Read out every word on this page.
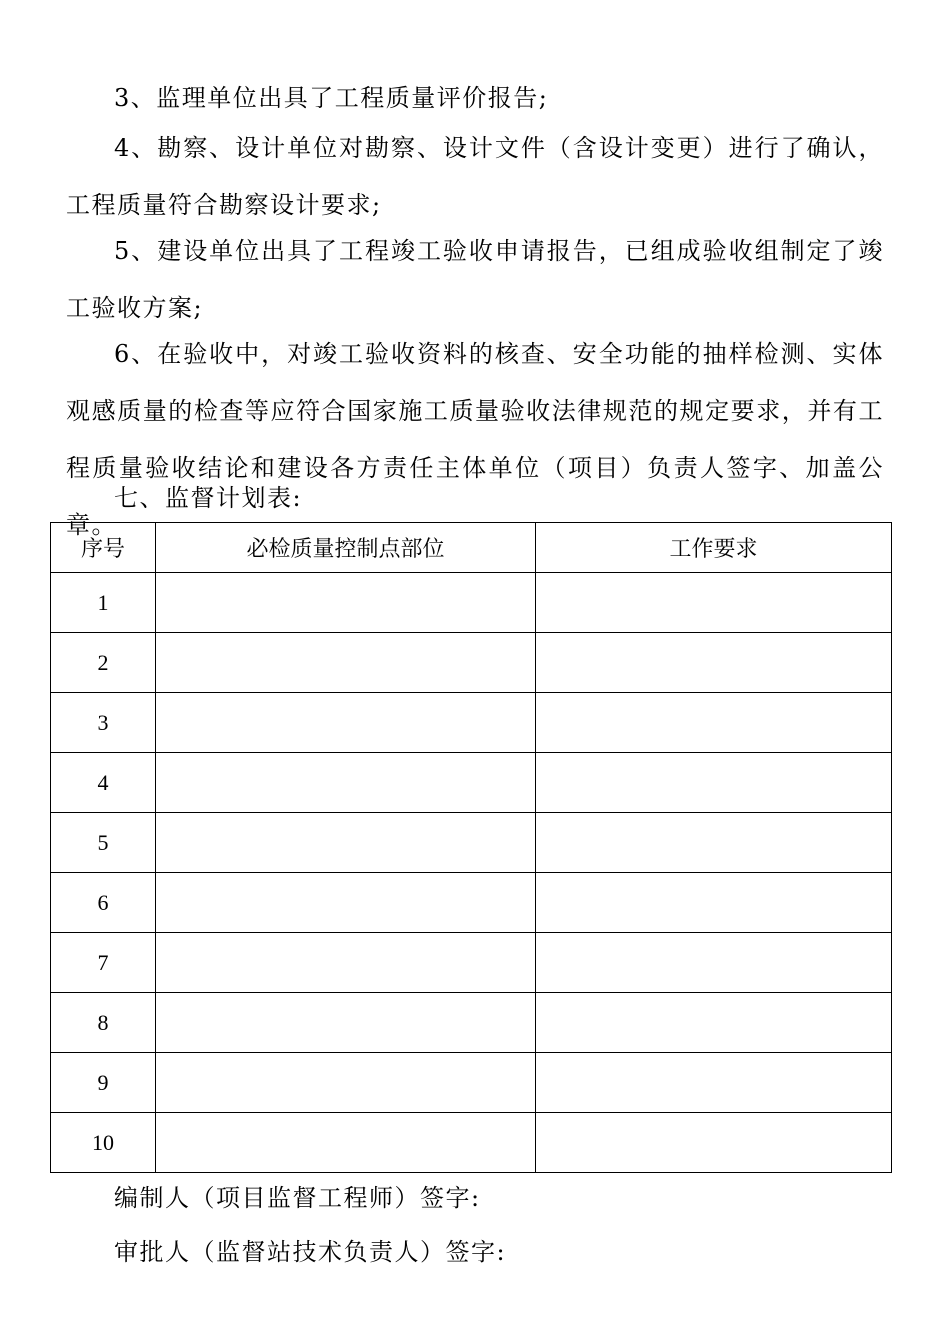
3、监理单位出具了工程质量评价报告;

4、勘察、设计单位对勘察、设计文件（含设计变更）进行了确认，工程质量符合勘察设计要求;

5、建设单位出具了工程竣工验收申请报告，已组成验收组制定了竣工验收方案;

6、在验收中，对竣工验收资料的核查、安全功能的抽样检测、实体观感质量的检查等应符合国家施工质量验收法律规范的规定要求，并有工程质量验收结论和建设各方责任主体单位（项目）负责人签字、加盖公章。

七、监督计划表:

序号	必检质量控制点部位	工作要求
1		
2		
3		
4		
5		
6		
7		
8		
9		
10		

编制人（项目监督工程师）签字:

审批人（监督站技术负责人）签字:
